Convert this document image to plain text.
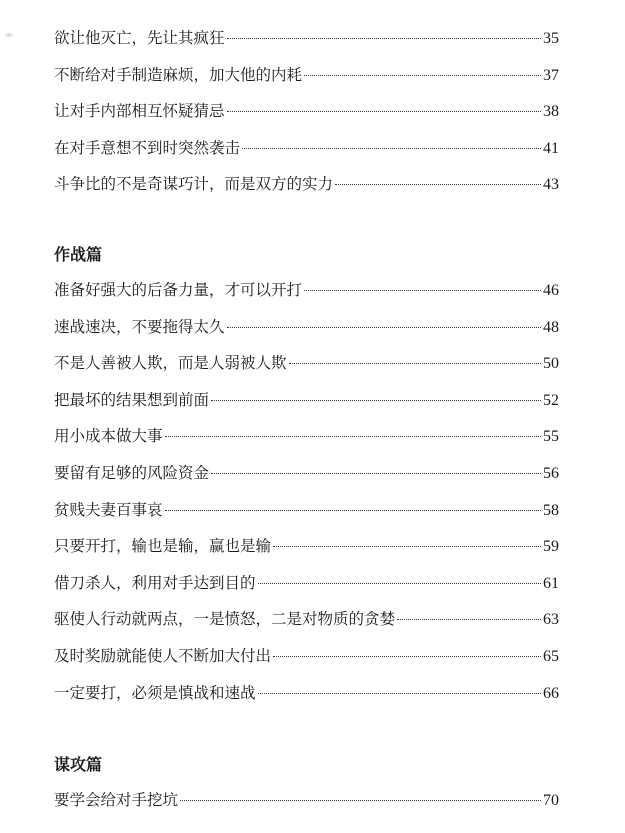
欲让他灭亡，先让其疯狂	35
不断给对手制造麻烦，加大他的内耗	37
让对手内部相互怀疑猜忌	38
在对手意想不到时突然袭击	41
斗争比的不是奇谋巧计，而是双方的实力	43
作战篇
准备好强大的后备力量，才可以开打	46
速战速决，不要拖得太久	48
不是人善被人欺，而是人弱被人欺	50
把最坏的结果想到前面	52
用小成本做大事	55
要留有足够的风险资金	56
贫贱夫妻百事哀	58
只要开打，输也是输，赢也是输	59
借刀杀人，利用对手达到目的	61
驱使人行动就两点，一是愤怒，二是对物质的贪婪	63
及时奖励就能使人不断加大付出	65
一定要打，必须是慎战和速战	66
谋攻篇
要学会给对手挖坑	70
